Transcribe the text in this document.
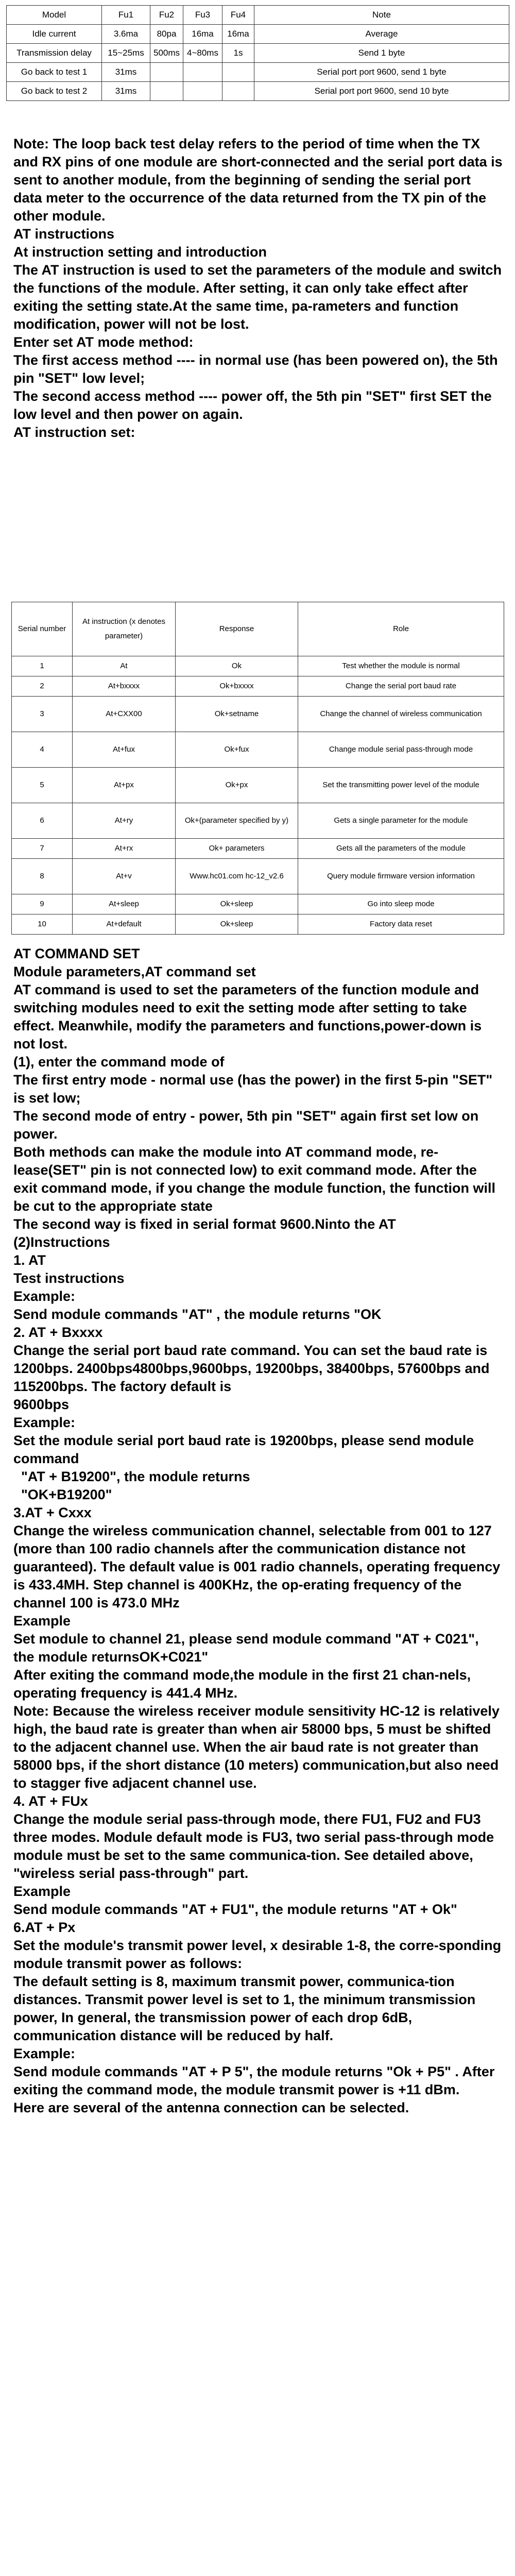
Model	Fu1	Fu2	Fu3	Fu4	Note
Idle current	3.6ma	80pa	16ma	16ma	Average
Transmission delay	15~25ms	500ms	4~80ms	1s	Send 1 byte
Go back to test 1	31ms				Serial port port 9600, send 1 byte
Go back to test 2	31ms				Serial port port 9600, send 10 byte

Note: The loop back test delay refers to the period of time when the TX and RX pins of one module are short-connected and the serial port data is sent to another module, from the beginning of sending the serial port data meter to the occurrence of the data returned from the TX pin of the other module.

AT instructions

At instruction setting and introduction

The AT instruction is used to set the parameters of the module and switch the functions of the module. After setting, it can only take effect after exiting the setting state.At the same time, pa-rameters and function modification, power will not be lost.

Enter set AT mode method:

The first access method ---- in normal use (has been powered on), the 5th pin "SET" low level;

The second access method ---- power off, the 5th pin "SET" first SET the low level and then power on again.

AT instruction set:

Serial number	At instruction (x denotes parameter)	Response	Role
1	At	Ok	Test whether the module is normal
2	At+bxxxx	Ok+bxxxx	Change the serial port baud rate
3	At+CXX00	Ok+setname	Change the channel of wireless communication
4	At+fux	Ok+fux	Change module serial pass-through mode
5	At+px	Ok+px	Set the transmitting power level of the module
6	At+ry	Ok+(parameter specified by y)	Gets a single parameter for the module
7	At+rx	Ok+ parameters	Gets all the parameters of the module
8	At+v	Www.hc01.com hc-12_v2.6	Query module firmware version information
9	At+sleep	Ok+sleep	Go into sleep mode
10	At+default	Ok+sleep	Factory data reset

AT COMMAND SET

Module parameters,AT command set

AT command is used to set the parameters of the function module and switching modules need to exit the setting mode after setting to take effect. Meanwhile, modify the parameters and functions,power-down is not lost.

(1), enter the command mode of

The first entry mode - normal use (has the power) in the first 5-pin "SET" is set low;

The second mode of entry - power, 5th pin "SET" again first set low on power.

Both methods can make the module into AT command mode, re-lease(SET" pin is not connected low) to exit command mode. After the exit command mode, if you change the module function, the function will be cut to the appropriate state

The second way is fixed in serial format 9600.Ninto the AT

(2)Instructions

1. AT

Test instructions

Example:

Send module commands "AT" , the module returns "OK

2. AT + Bxxxx

Change the serial port baud rate command. You can set the baud rate is 1200bps. 2400bps4800bps,9600bps, 19200bps, 38400bps, 57600bps and 115200bps. The factory default is

9600bps

Example:

Set the module serial port baud rate is 19200bps, please send module command

"AT + B19200", the module returns

"OK+B19200"

3.AT + Cxxx

Change the wireless communication channel, selectable from 001 to 127 (more than 100 radio channels after the communication distance not guaranteed). The default value is 001 radio channels, operating frequency is 433.4MH. Step channel is 400KHz, the op-erating frequency of the channel 100 is 473.0 MHz

Example

Set module to channel 21, please send module command "AT + C021", the module returnsOK+C021"

After exiting the command mode,the module in the first 21 chan-nels, operating frequency is 441.4 MHz.

Note: Because the wireless receiver module sensitivity HC-12 is relatively high, the baud rate is greater than when air 58000 bps, 5 must be shifted to the adjacent channel use. When the air baud rate is not greater than 58000 bps, if the short distance (10 meters) communication,but also need to stagger five adjacent channel use.

4. AT + FUx

Change the module serial pass-through mode, there FU1, FU2 and FU3 three modes. Module default mode is FU3, two serial pass-through mode module must be set to the same communica-tion. See detailed above, "wireless serial pass-through" part.

Example

Send module commands "AT + FU1", the module returns "AT + Ok"

6.AT + Px

Set the module's transmit power level, x desirable 1-8, the corre-sponding module transmit power as follows:

The default setting is 8, maximum transmit power, communica-tion distances. Transmit power level is set to 1, the minimum transmission power, In general, the transmission power of each drop 6dB, communication distance will be reduced by half.

Example:

Send module commands "AT + P 5", the module returns "Ok + P5" . After exiting the command mode, the module transmit power is +11 dBm.

Here are several of the antenna connection can be selected.
